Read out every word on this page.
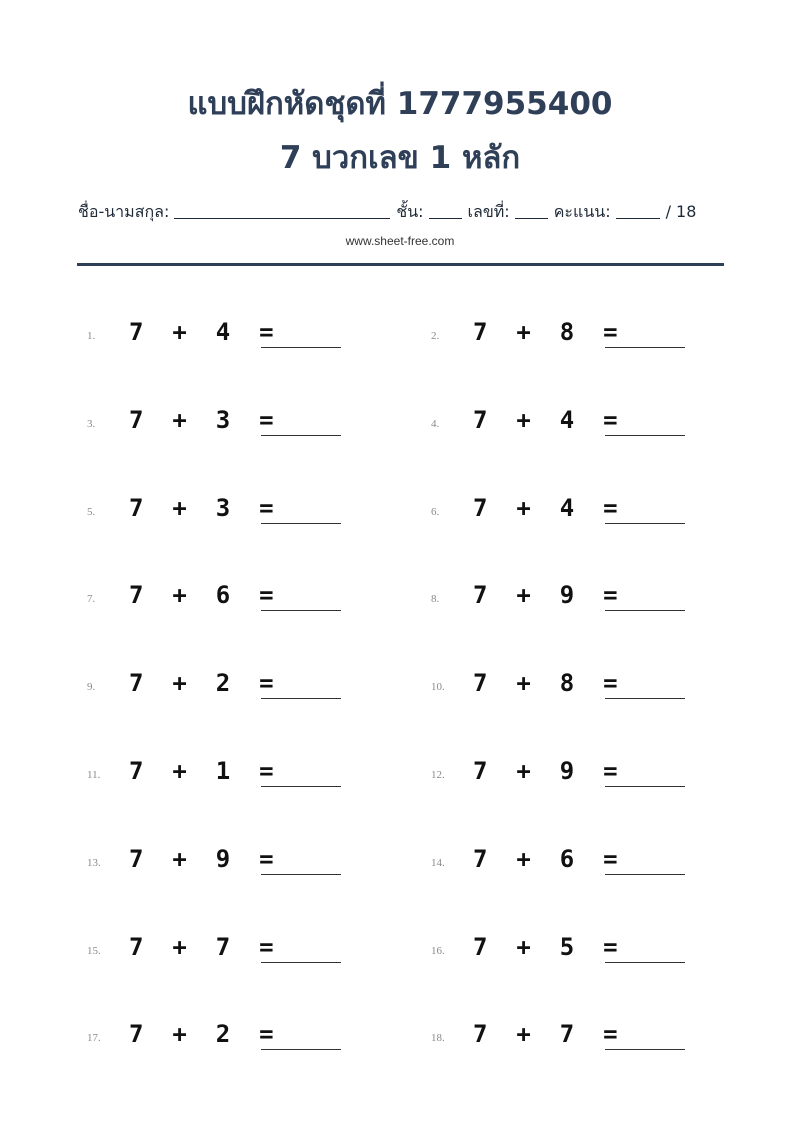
แบบฝึกหัดชุดที่ 1777955400
7 บวกเลข 1 หลัก
ชื่อ-นามสกุล:	ชั้น:	เลขที่:	คะแนน:	/ 18
www.sheet-free.com
1. 7 + 4 =	2. 7 + 8 =
3. 7 + 3 =	4. 7 + 4 =
5. 7 + 3 =	6. 7 + 4 =
7. 7 + 6 =	8. 7 + 9 =
9. 7 + 2 =	10. 7 + 8 =
11. 7 + 1 =	12. 7 + 9 =
13. 7 + 9 =	14. 7 + 6 =
15. 7 + 7 =	16. 7 + 5 =
17. 7 + 2 =	18. 7 + 7 =
